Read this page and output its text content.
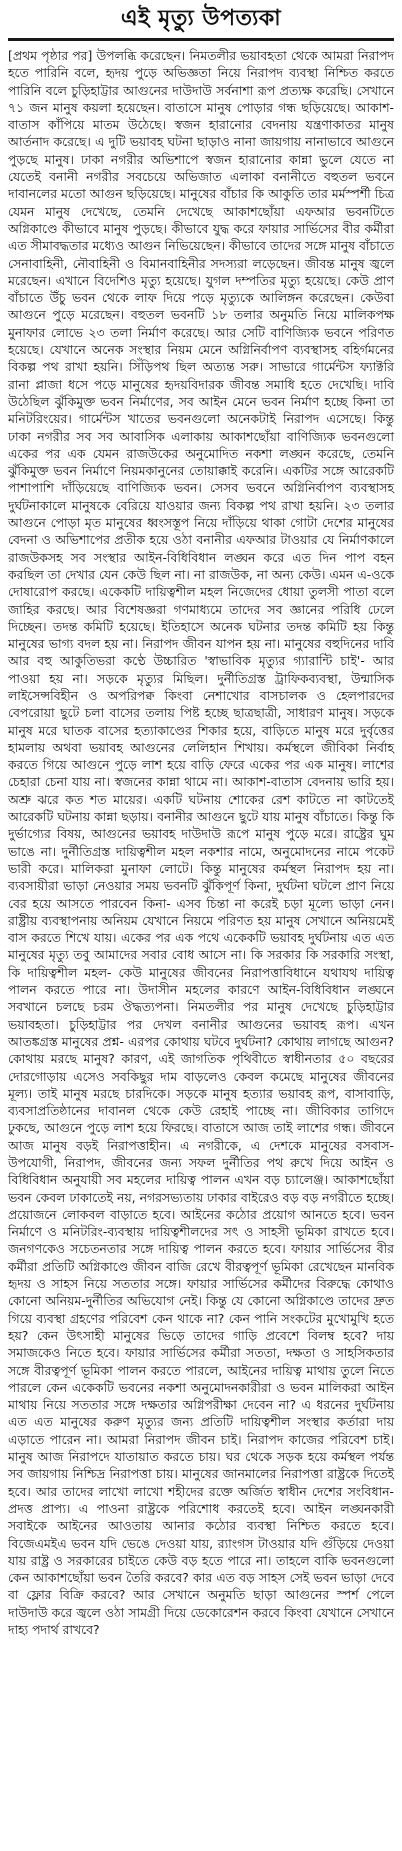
এই মৃত্যু উপত্যকা
[প্রথম পৃষ্ঠার পর] উপলব্ধি করেছেন। নিমতলীর ভয়াবহতা থেকে আমরা নিরাপদ হতে পারিনি বলে, হৃদয় পুড়ে অভিজ্ঞতা নিয়ে নিরাপদ ব্যবস্থা নিশ্চিত করতে পারিনি বলে চুড়িহাট্টার আগুনের দাউদাউ সর্বনাশা রূপ প্রত্যক্ষ করেছি। সেখানে ৭১ জন মানুষ কয়লা হয়েছেন। বাতাসে মানুষ পোড়ার গন্ধ ছড়িয়েছে। আকাশ-বাতাস কাঁপিয়ে মাতম উঠেছে। স্বজন হারানোর বেদনায় যন্ত্রণাকাতর মানুষ আর্তনাদ করেছে। এ দুটি ভয়াবহ ঘটনা ছাড়াও নানা জায়গায় নানাভাবে আগুনে পুড়ছে মানুষ। ঢাকা নগরীর অভিশাপে স্বজন হারানোর কান্না ভুলে যেতে না যেতেই বনানী নগরীর সবচেয়ে অভিজাত এলাকা বনানীতে বহুতল ভবনে দাবানলের মতো আগুন ছড়িয়েছে। মানুষের বাঁচার কি আকুতি তার মর্মস্পর্শী চিত্র যেমন মানুষ দেখেছে, তেমনি দেখেছে আকাশছোঁয়া এফআর ভবনটিতে অগ্নিকাণ্ডে কীভাবে মানুষ পুড়ছে। কীভাবে যুদ্ধ করে ফায়ার সার্ভিসের বীর কর্মীরা এত সীমাবদ্ধতার মধ্যেও আগুন নিভিয়েছেন। কীভাবে তাদের সঙ্গে মানুষ বাঁচাতে সেনাবাহিনী, নৌবাহিনী ও বিমানবাহিনীর সদস্যরা লড়েছেন। জীবন্ত মানুষ জ্বলে মরেছেন। এখানে বিদেশিও মৃত্যু হয়েছে। যুগল দম্পতির মৃত্যু হয়েছে। কেউ প্রাণ বাঁচাতে উঁচু ভবন থেকে লাফ দিয়ে পড়ে মৃত্যুকে আলিঙ্গন করেছেন। কেউবা আগুনে পুড়ে মরেছেন। বহুতল ভবনটি ১৮ তলার অনুমতি নিয়ে মালিকপক্ষ মুনাফার লোভে ২৩ তলা নির্মাণ করেছে। আর সেটি বাণিজ্যিক ভবনে পরিণত হয়েছে। যেখানে অনেক সংস্থার নিয়ম মেনে অগ্নিনির্বাপণ ব্যবস্থাসহ বহির্গমনের বিকল্প পথ রাখা হয়নি। সিঁড়িপথ ছিল অত্যন্ত সরু। সাভারে গার্মেন্টস ফ্যাক্টরি রানা প্লাজা ধসে পড়ে মানুষের হৃদয়বিদারক জীবন্ত সমাধি হতে দেখেছি। দাবি উঠেছিল ঝুঁকিমুক্ত ভবন নির্মাণের, সব আইন মেনে ভবন নির্মাণ হচ্ছে কিনা তা মনিটরিংয়ের। গার্মেন্টস খাতের ভবনগুলো অনেকটাই নিরাপদ এসেছে। কিন্তু ঢাকা নগরীর সব সব আবাসিক এলাকায় আকাশছোঁয়া বাণিজ্যিক ভবনগুলো একের পর এক যেমন রাজউকের অনুমোদিত নকশা লঙ্ঘন করেছে, তেমনি ঝুঁকিমুক্ত ভবন নির্মাণে নিয়মকানুনের তোয়াক্কাই করেনি। একটির সঙ্গে আরেকটি পাশাপাশি দাঁড়িয়েছে বাণিজ্যিক ভবন। সেসব ভবনে অগ্নিনির্বাপণ ব্যবস্থাসহ দুর্ঘটনাকালে মানুষকে বেরিয়ে যাওয়ার জন্য বিকল্প পথ রাখা হয়নি। ২৩ তলার আগুনে পোড়া মৃত মানুষের ধ্বংসস্তূপ নিয়ে দাঁড়িয়ে থাকা গোটা দেশের মানুষের বেদনা ও অভিশাপের প্রতীক হয়ে ওঠা বনানীর এফআর টাওয়ার যে নির্মাণকালে রাজউকসহ সব সংস্থার আইন-বিধিবিধান লঙ্ঘন করে এত দিন পাপ বহন করছিল তা দেখার যেন কেউ ছিল না। না রাজউক, না অন্য কেউ। এমন এ-ওকে দোষারোপ করছে। একেকটি দায়িত্বশীল মহল নিজেদের ধোয়া তুলসী পাতা বলে জাহির করছে। আর বিশেষজ্ঞরা গণমাধ্যমে তাদের সব জ্ঞানের পরিধি ঢেলে দিচ্ছেন। তদন্ত কমিটি হয়েছে। ইতিহাসে অনেক ঘটনার তদন্ত কমিটি হয় কিন্তু মানুষের ভাগ্য বদল হয় না। নিরাপদ জীবন যাপন হয় না। মানুষের বহুদিনের দাবি আর বহু আকুতিভরা কণ্ঠে উচ্চারিত 'স্বাভাবিক মৃত্যুর গ্যারান্টি চাই'- আর পাওয়া হয় না। সড়কে মৃত্যুর মিছিল। দুর্নীতিগ্রস্ত ট্রাফিকব্যবস্থা, উন্মাসিক লাইসেন্সবিহীন ও অপরিপক্ব কিংবা নেশাখোর বাসচালক ও হেলপারদের বেপরোয়া ছুটে চলা বাসের তলায় পিষ্ট হচ্ছে ছাত্রছাত্রী, সাধারণ মানুষ। সড়কে মানুষ মরে ঘাতক বাসের হত্যাকাণ্ডের শিকার হয়ে, বাড়িতে মানুষ মরে দুর্বৃত্তের হামলায় অথবা ভয়াবহ আগুনের লেলিহান শিখায়। কর্মস্থলে জীবিকা নির্বাহ করতে গিয়ে আগুনে পুড়ে লাশ হয়ে বাড়ি ফেরে একের পর এক মানুষ। লাশের চেহারা চেনা যায় না। স্বজনের কান্না থামে না। আকাশ-বাতাস বেদনায় ভারি হয়। অশ্রু ঝরে কত শত মায়ের। একটি ঘটনায় শোকের রেশ কাটতে না কাটতেই আরেকটি ঘটনায় কান্না ছড়ায়। বনানীর আগুনে ছুটে যায় মানুষ বাঁচাতে। কিন্তু কি দুর্ভাগ্যের বিষয়, আগুনের ভয়াবহ দাউদাউ রূপে মানুষ পুড়ে মরে। রাষ্ট্রের ঘুম ভাঙে না। দুর্নীতিগ্রস্ত দায়িত্বশীল মহল নকশার নামে, অনুমোদনের নামে পকেট ভারী করে। মালিকরা মুনাফা লোটে। কিন্তু মানুষের কর্মস্থল নিরাপদ হয় না। ব্যবসায়ীরা ভাড়া নেওয়ার সময় ভবনটি ঝুঁকিপূর্ণ কিনা, দুর্ঘটনা ঘটলে প্রাণ নিয়ে বের হয়ে আসতে পারবেন কিনা- এসব চিন্তা না করেই চড়া মূল্যে ভাড়া নেন। রাষ্ট্রীয় ব্যবস্থাপনায় অনিয়ম যেখানে নিয়মে পরিণত হয় মানুষ সেখানে অনিয়মেই বাস করতে শিখে যায়। একের পর এক পথে একেকটি ভয়াবহ দুর্ঘটনায় এত এত মানুষের মৃত্যু তবু আমাদের সবার বোধ আসে না। কি সরকার কি সরকারি সংস্থা, কি দায়িত্বশীল মহল- কেউ মানুষের জীবনের নিরাপত্তাবিধানে যথাযথ দায়িত্ব পালন করতে পারে না। উদাসীন মহলের কারণে আইন-বিধিবিধান লঙ্ঘনে সবখানে চলছে চরম ঔদ্ধত্যপনা। নিমতলীর পর মানুষ দেখেছে চুড়িহাট্টার ভয়াবহতা। চুড়িহাট্টার পর দেখল বনানীর আগুনের ভয়াবহ রূপ। এখন আতঙ্কগ্রস্ত মানুষের প্রশ্ন- এরপর কোথায় ঘটবে দুর্ঘটনা? কোথায় লাগছে আগুন? কোথায় মরছে মানুষ? কারণ, এই জাগতিক পৃথিবীতে স্বাধীনতার ৫০ বছরের দোরগোড়ায় এসেও সবকিছুর দাম বাড়লেও কেবল কমেছে মানুষের জীবনের মূল্য। তাই মানুষ মরছে চারদিকে। সড়কে মানুষ হত্যার ভয়াবহ রূপ, বাসাবাড়ি, ব্যবসাপ্রতিষ্ঠানের দাবানল থেকে কেউ রেহাই পাচ্ছে না। জীবিকার তাগিদে ঢুকছে, আগুনে পুড়ে লাশ হয়ে ফিরছে। বাতাসে আজ তাই লাশের গন্ধ। জীবনে আজ মানুষ বড়ই নিরাপত্তাহীন। এ নগরীকে, এ দেশকে মানুষের বসবাস-উপযোগী, নিরাপদ, জীবনের জন্য সফল দুর্নীতির পথ রুখে দিয়ে আইন ও বিধিবিধান অনুযায়ী সব মহলের দায়িত্ব পালন এখন বড় চ্যালেঞ্জ। আকাশছোঁয়া ভবন কেবল ঢাকাতেই নয়, নগরসভ্যতায় ঢাকার বাইরেও বড় বড় নগরীতে হচ্ছে। প্রয়োজনে লোকবল বাড়াতে হবে। আইনের কঠোর প্রয়োগ আনতে হবে। ভবন নির্মাণে ও মনিটরিং-ব্যবস্থায় দায়িত্বশীলদের সৎ ও সাহসী ভূমিকা রাখতে হবে। জনগণকেও সচেতনতার সঙ্গে দায়িত্ব পালন করতে হবে। ফায়ার সার্ভিসের বীর কর্মীরা প্রতিটি অগ্নিকাণ্ডে জীবন বাজি রেখে বীরত্বপূর্ণ ভূমিকা রেখেছেন মানবিক হৃদয় ও সাহস নিয়ে সততার সঙ্গে। ফায়ার সার্ভিসের কর্মীদের বিরুদ্ধে কোথাও কোনো অনিয়ম-দুর্নীতির অভিযোগ নেই। কিন্তু যে কোনো অগ্নিকাণ্ডে তাদের দ্রুত গিয়ে ব্যবস্থা গ্রহণের পরিবেশ কেন থাকে না? কেন পানি সংকটের মুখোমুখি হতে হয়? কেন উৎসাহী মানুষের ভিড়ে তাদের গাড়ি প্রবেশে বিলম্ব হবে? দায় সমাজকেও নিতে হবে। ফায়ার সার্ভিসের কর্মীরা সততা, দক্ষতা ও সাহসিকতার সঙ্গে বীরত্বপূর্ণ ভূমিকা পালন করতে পারলে, আইনের দায়িত্ব মাথায় তুলে নিতে পারলে কেন একেকটি ভবনের নকশা অনুমোদনকারীরা ও ভবন মালিকরা আইন মাথায় নিয়ে সততার সঙ্গে দক্ষতার অগ্নিপরীক্ষা দেবেন না? এ ধরনের দুর্ঘটনায় এত এত মানুষের করুণ মৃত্যুর জন্য প্রতিটি দায়িত্বশীল সংস্থার কর্তারা দায় এড়াতে পারেন না। আমরা নিরাপদ জীবন চাই। নিরাপদ কাজের পরিবেশ চাই। মানুষ আজ নিরাপদে যাতায়াত করতে চায়। ঘর থেকে সড়ক হয়ে কর্মস্থল পর্যন্ত সব জায়গায় নিশ্চিদ্র নিরাপত্তা চায়। মানুষের জানমালের নিরাপত্তা রাষ্ট্রকে দিতেই হবে। আর তাদের লাখো লাখো শহীদের রক্তে অর্জিত স্বাধীন দেশের সংবিধান-প্রদত্ত প্রাপ্য। এ পাওনা রাষ্ট্রকে পরিশোধ করতেই হবে। আইন লঙ্ঘনকারী সবাইকে আইনের আওতায় আনার কঠোর ব্যবস্থা নিশ্চিত করতে হবে। বিজেএমইএ ভবন যদি ভেঙে দেওয়া যায়, র‍্যাংগস টাওয়ার যদি গুঁড়িয়ে দেওয়া যায় রাষ্ট্র ও সরকারের চাইতে কেউ বড় হতে পারে না। তাহলে বাকি ভবনগুলো কেন আকাশছোঁয়া ভবন তৈরি করবে? কার এত বড় সাহস সেই ভবন ভাড়া দেবে বা ফ্লোর বিক্রি করবে? আর সেখানে অনুমতি ছাড়া আগুনের স্পর্শ পেলে দাউদাউ করে জ্বলে ওঠা সামগ্রী দিয়ে ডেকোরেশন করবে কিংবা যেখানে সেখানে দাহ্য পদার্থ রাখবে?
